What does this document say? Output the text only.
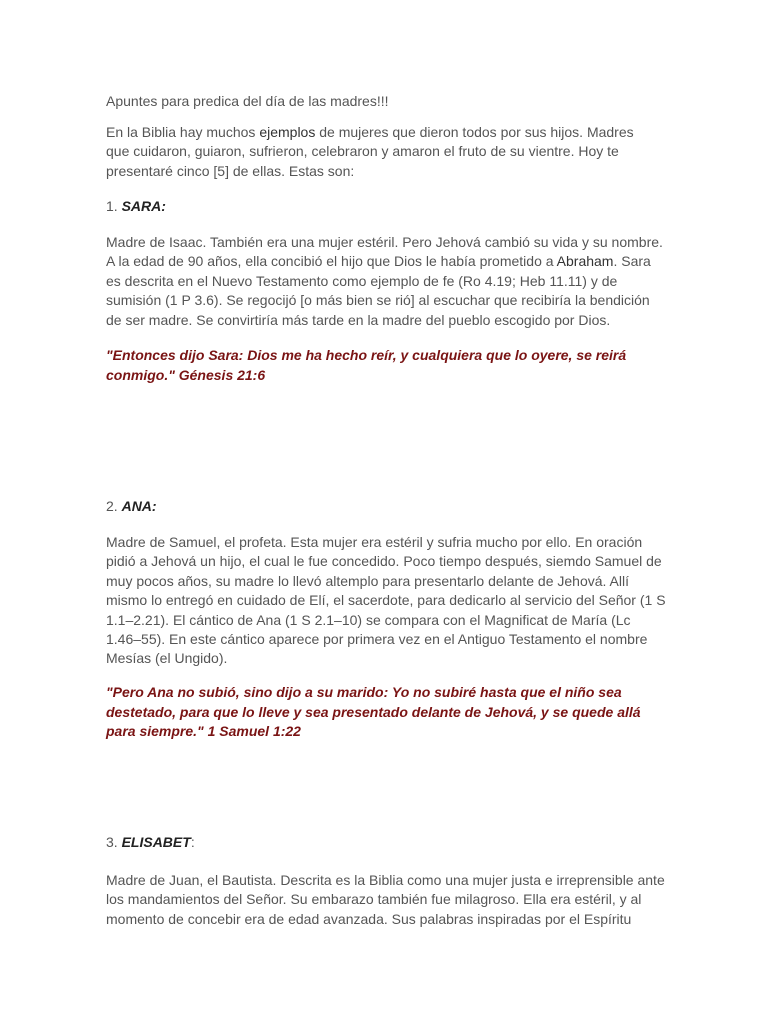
Apuntes para predica del día de las madres!!!
En la Biblia hay muchos ejemplos de mujeres que dieron todos por sus hijos. Madres
que cuidaron, guiaron, sufrieron, celebraron y amaron el fruto de su vientre. Hoy te
presentaré cinco [5] de ellas. Estas son:
1. SARA:
Madre de Isaac. También era una mujer estéril. Pero Jehová cambió su vida y su nombre.
A la edad de 90 años, ella concibió el hijo que Dios le había prometido a Abraham. Sara
es descrita en el Nuevo Testamento como ejemplo de fe (Ro 4.19; Heb 11.11) y de
sumisión (1 P 3.6). Se regocijó [o más bien se rió] al escuchar que recibiría la bendición
de ser madre. Se convirtiría más tarde en la madre del pueblo escogido por Dios.
"Entonces dijo Sara: Dios me ha hecho reír, y cualquiera que lo oyere, se reirá
conmigo." Génesis 21:6
2. ANA:
Madre de Samuel, el profeta. Esta mujer era estéril y sufria mucho por ello. En oración
pidió a Jehová un hijo, el cual le fue concedido. Poco tiempo después, siemdo Samuel de
muy pocos años, su madre lo llevó altemplo para presentarlo delante de Jehová. Allí
mismo lo entregó en cuidado de Elí, el sacerdote, para dedicarlo al servicio del Señor (1 S
1.1–2.21). El cántico de Ana (1 S 2.1–10) se compara con el Magnificat de María (Lc
1.46–55). En este cántico aparece por primera vez en el Antiguo Testamento el nombre
Mesías (el Ungido).
"Pero Ana no subió, sino dijo a su marido: Yo no subiré hasta que el niño sea
destetado, para que lo lleve y sea presentado delante de Jehová, y se quede allá
para siempre." 1 Samuel 1:22
3. ELISABET:
Madre de Juan, el Bautista. Descrita es la Biblia como una mujer justa e irreprensible ante
los mandamientos del Señor. Su embarazo también fue milagroso. Ella era estéril, y al
momento de concebir era de edad avanzada. Sus palabras inspiradas por el Espíritu
